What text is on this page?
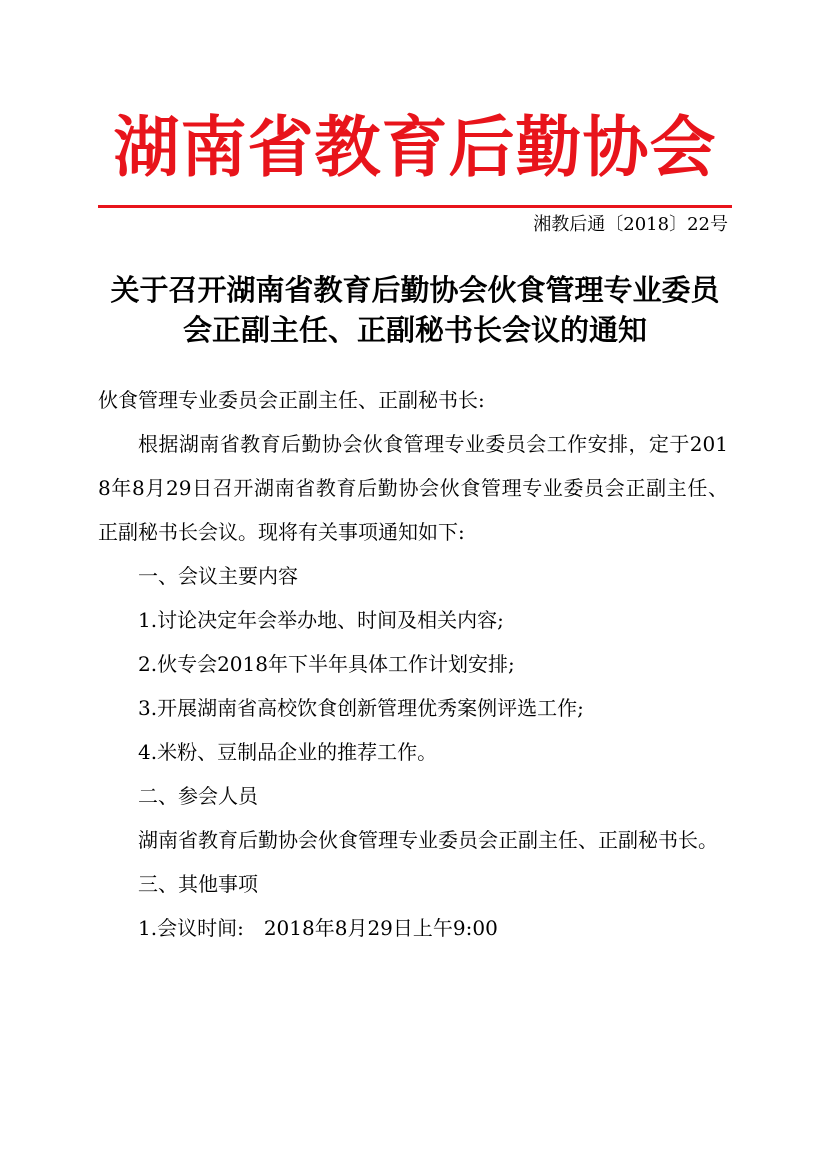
湖南省教育后勤协会
湘教后通〔2018〕22号
关于召开湖南省教育后勤协会伙食管理专业委员会正副主任、正副秘书长会议的通知

伙食管理专业委员会正副主任、正副秘书长:

根据湖南省教育后勤协会伙食管理专业委员会工作安排，定于2018年8月29日召开湖南省教育后勤协会伙食管理专业委员会正副主任、正副秘书长会议。现将有关事项通知如下:

一、会议主要内容

1.讨论决定年会举办地、时间及相关内容;

2.伙专会2018年下半年具体工作计划安排;

3.开展湖南省高校饮食创新管理优秀案例评选工作;

4.米粉、豆制品企业的推荐工作。

二、参会人员

湖南省教育后勤协会伙食管理专业委员会正副主任、正副秘书长。

三、其他事项

1.会议时间:　2018年8月29日上午9:00
